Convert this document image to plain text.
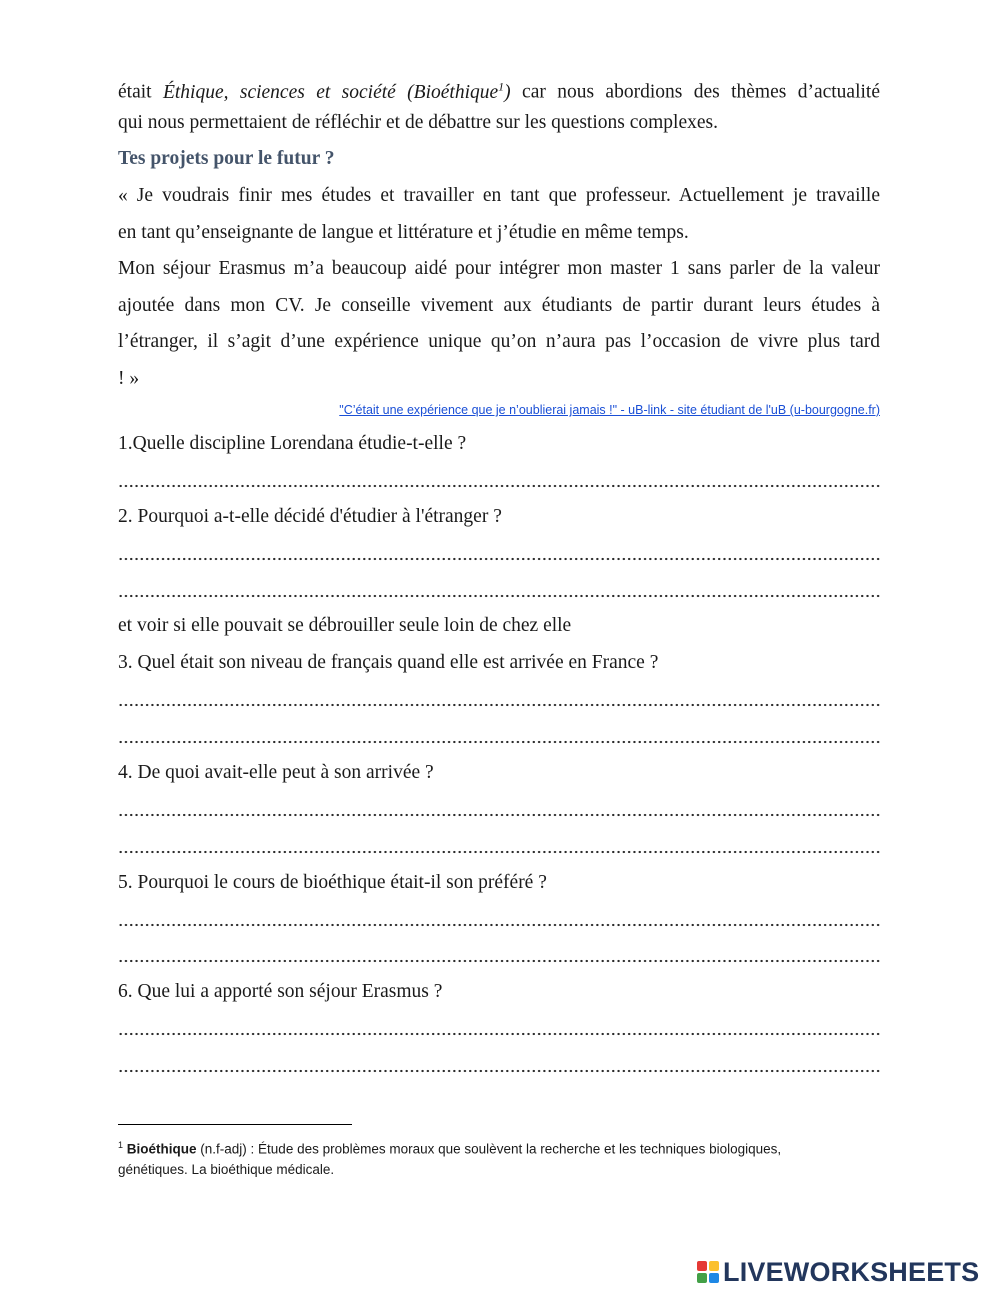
était Éthique, sciences et société (Bioéthique$^1$) car nous abordions des thèmes d’actualité
qui nous permettaient de réfléchir et de débattre sur les questions complexes.
Tes projets pour le futur ?
« Je voudrais finir mes études et travailler en tant que professeur. Actuellement je travaille
en tant qu’enseignante de langue et littérature et j’étudie en même temps.
Mon séjour Erasmus m’a beaucoup aidé pour intégrer mon master 1 sans parler de la valeur
ajoutée dans mon CV. Je conseille vivement aux étudiants de partir durant leurs études à
l’étranger, il s’agit d’une expérience unique qu’on n’aura pas l’occasion de vivre plus tard
! »
"C’était une expérience que je n’oublierai jamais !" - uB-link - site étudiant de l'uB (u-bourgogne.fr)
1.Quelle discipline Lorendana étudie-t-elle ?
2. Pourquoi a-t-elle décidé d'étudier à l'étranger ?
et voir si elle pouvait se débrouiller seule loin de chez elle
3. Quel était son niveau de français quand elle est arrivée en France ?
4. De quoi avait-elle peut à son arrivée ?
5. Pourquoi le cours de bioéthique était-il son préféré ?
6. Que lui a apporté son séjour Erasmus ?
$^1$ Bioéthique (n.f-adj) : Étude des problèmes moraux que soulèvent la recherche et les techniques biologiques,
génétiques. La bioéthique médicale.
LIVEWORKSHEETS
